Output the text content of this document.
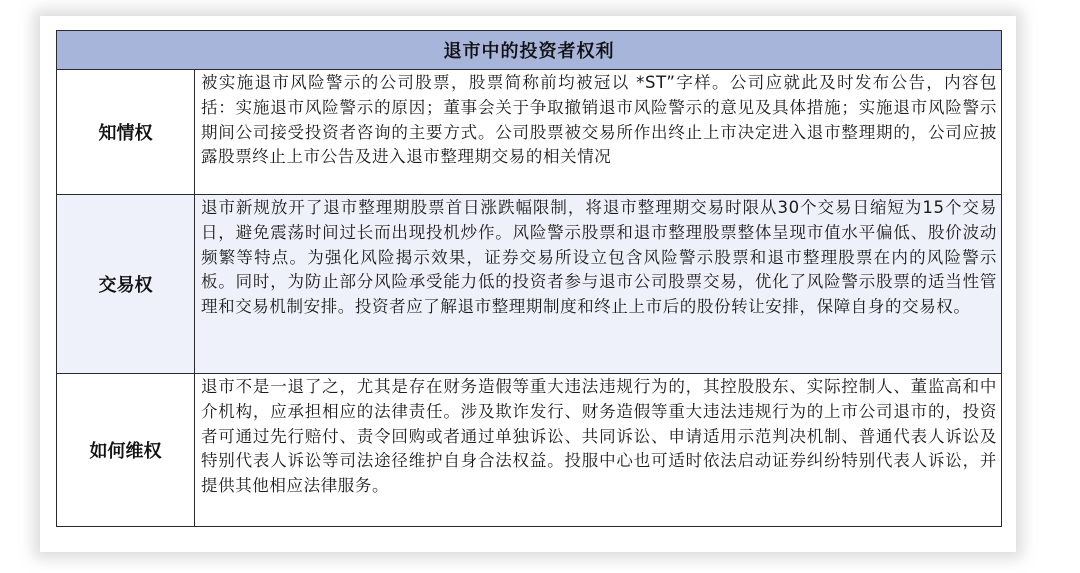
退市中的投资者权利	
知情权	被实施退市风险警示的公司股票，股票简称前均被冠以 *ST”字样。公司应就此及时发布公告，内容包括：实施退市风险警示的原因；董事会关于争取撤销退市风险警示的意见及具体措施；实施退市风险警示期间公司接受投资者咨询的主要方式。公司股票被交易所作出终止上市决定进入退市整理期的，公司应披露股票终止上市公告及进入退市整理期交易的相关情况
交易权	退市新规放开了退市整理期股票首日涨跌幅限制，将退市整理期交易时限从30个交易日缩短为15个交易日，避免震荡时间过长而出现投机炒作。风险警示股票和退市整理股票整体呈现市值水平偏低、股价波动频繁等特点。为强化风险揭示效果，证券交易所设立包含风险警示股票和退市整理股票在内的风险警示板。同时，为防止部分风险承受能力低的投资者参与退市公司股票交易，优化了风险警示股票的适当性管理和交易机制安排。投资者应了解退市整理期制度和终止上市后的股份转让安排，保障自身的交易权。
如何维权	退市不是一退了之，尤其是存在财务造假等重大违法违规行为的，其控股股东、实际控制人、董监高和中介机构，应承担相应的法律责任。涉及欺诈发行、财务造假等重大违法违规行为的上市公司退市的，投资者可通过先行赔付、责令回购或者通过单独诉讼、共同诉讼、申请适用示范判决机制、普通代表人诉讼及特别代表人诉讼等司法途径维护自身合法权益。投服中心也可适时依法启动证券纠纷特别代表人诉讼，并提供其他相应法律服务。
